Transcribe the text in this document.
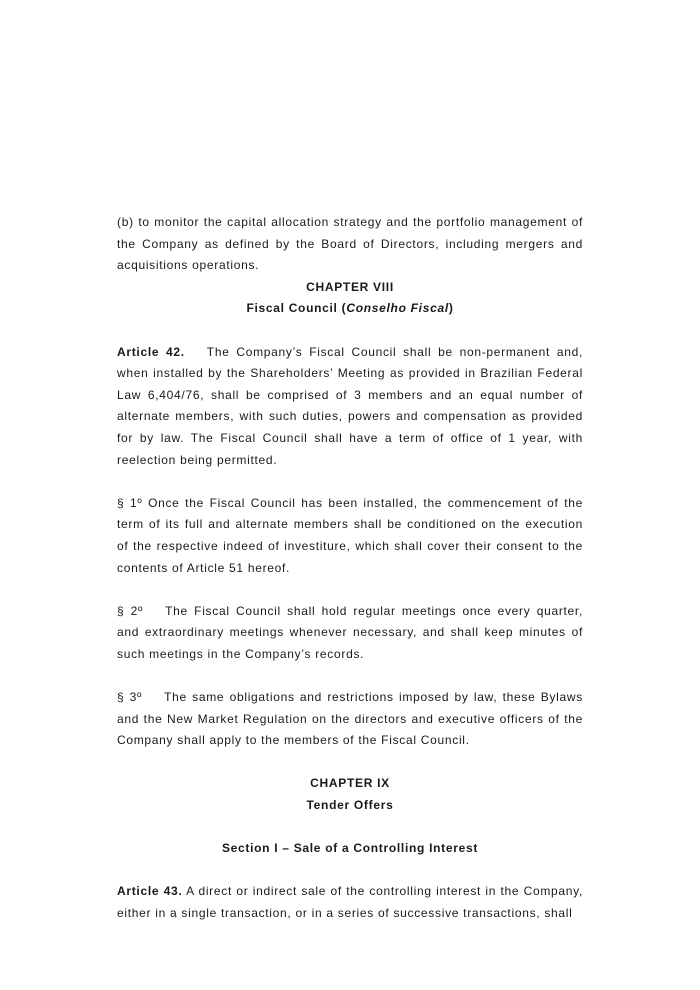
(b) to monitor the capital allocation strategy and the portfolio management of the Company as defined by the Board of Directors, including mergers and acquisitions operations.

CHAPTER VIII

Fiscal Council (Conselho Fiscal)

Article 42. The Company’s Fiscal Council shall be non-permanent and, when installed by the Shareholders’ Meeting as provided in Brazilian Federal Law 6,404/76, shall be comprised of 3 members and an equal number of alternate members, with such duties, powers and compensation as provided for by law. The Fiscal Council shall have a term of office of 1 year, with reelection being permitted.

§ 1º Once the Fiscal Council has been installed, the commencement of the term of its full and alternate members shall be conditioned on the execution of the respective indeed of investiture, which shall cover their consent to the contents of Article 51 hereof.

§ 2º The Fiscal Council shall hold regular meetings once every quarter, and extraordinary meetings whenever necessary, and shall keep minutes of such meetings in the Company’s records.

§ 3º The same obligations and restrictions imposed by law, these Bylaws and the New Market Regulation on the directors and executive officers of the Company shall apply to the members of the Fiscal Council.

CHAPTER IX

Tender Offers

Section I – Sale of a Controlling Interest

Article 43. A direct or indirect sale of the controlling interest in the Company, either in a single transaction, or in a series of successive transactions, shall
